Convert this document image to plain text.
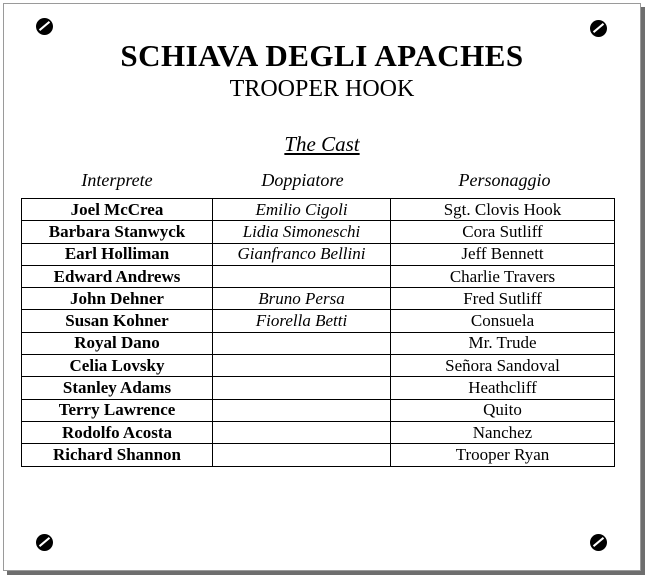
SCHIAVA DEGLI APACHES
TROOPER HOOK
The Cast
Interprete	Doppiatore	Personaggio
Joel McCrea	Emilio Cigoli	Sgt. Clovis Hook
Barbara Stanwyck	Lidia Simoneschi	Cora Sutliff
Earl Holliman	Gianfranco Bellini	Jeff Bennett
Edward Andrews		Charlie Travers
John Dehner	Bruno Persa	Fred Sutliff
Susan Kohner	Fiorella Betti	Consuela
Royal Dano		Mr. Trude
Celia Lovsky		Señora Sandoval
Stanley Adams		Heathcliff
Terry Lawrence		Quito
Rodolfo Acosta		Nanchez
Richard Shannon		Trooper Ryan
